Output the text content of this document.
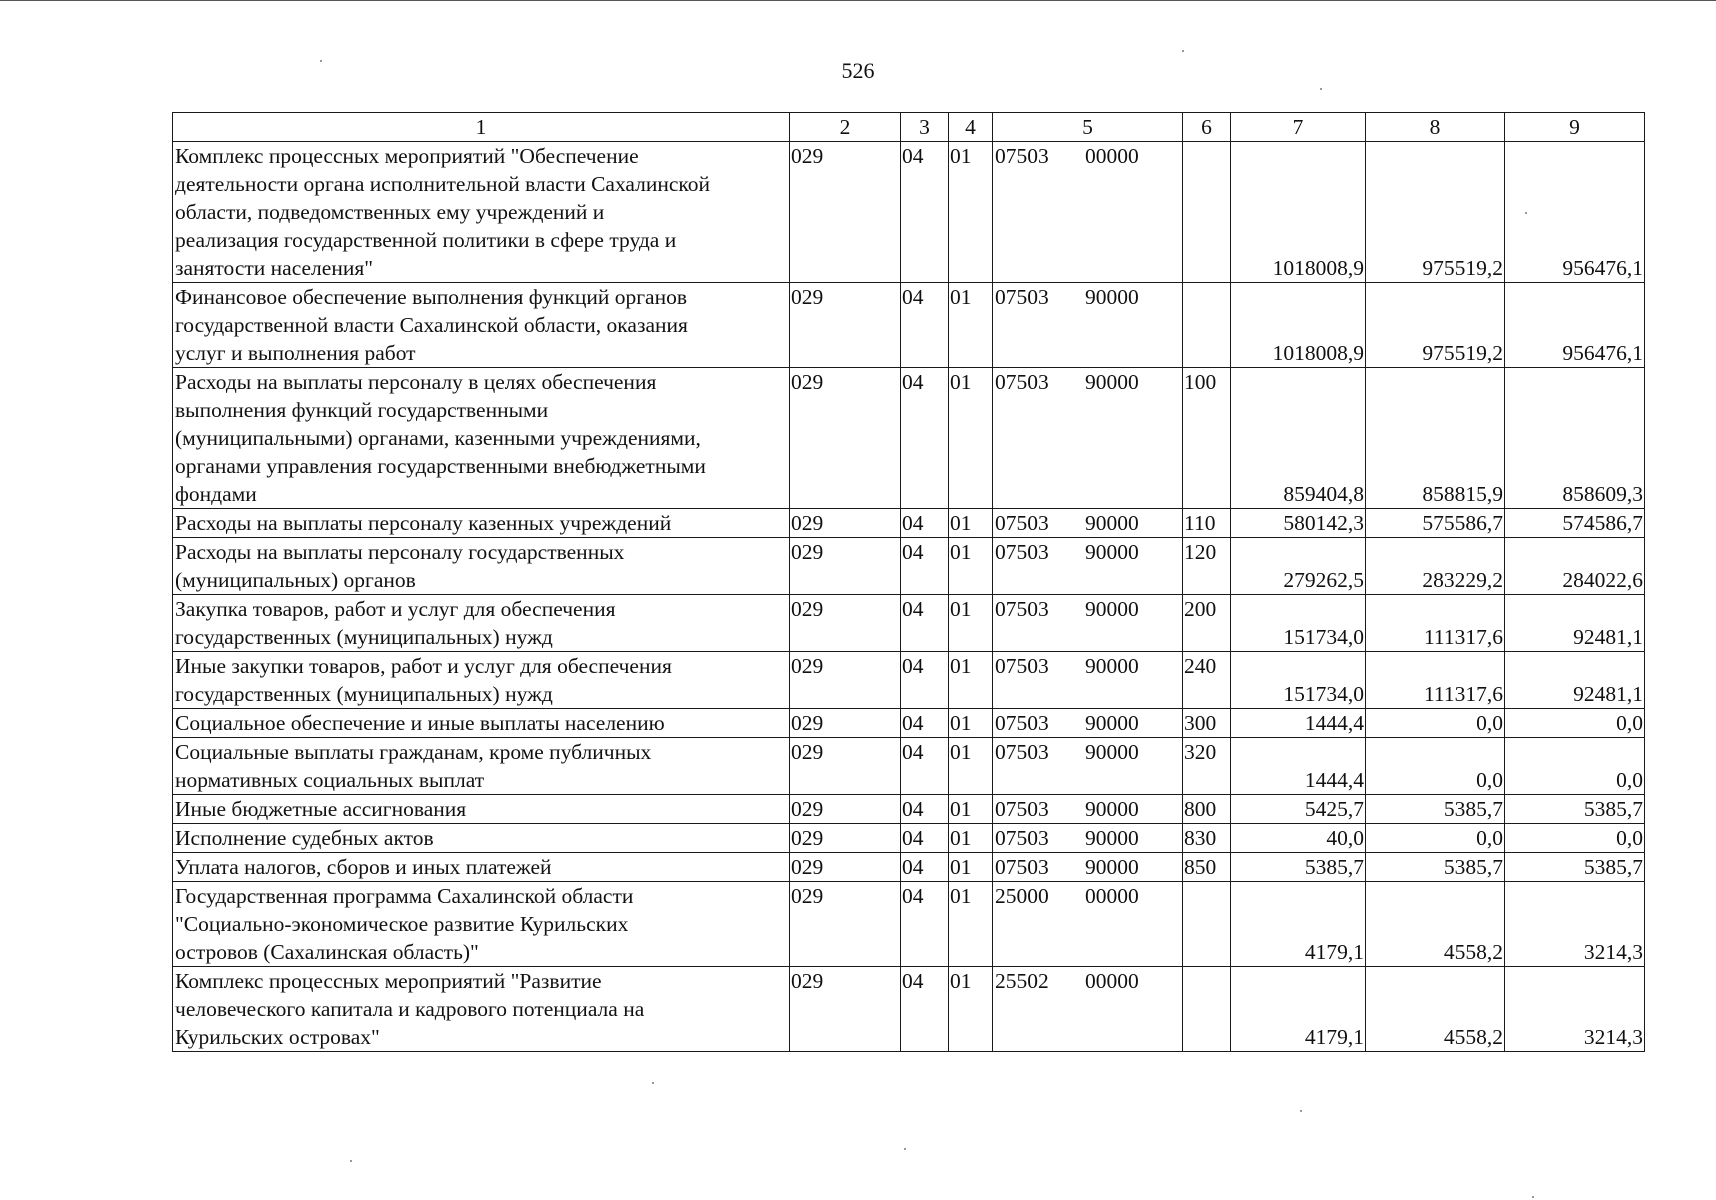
526
1	2	3	4	5	6	7	8	9

Комплекс процессных мероприятий "Обеспечение
деятельности органа исполнительной власти Сахалинской
области, подведомственных ему учреждений и
реализация государственной политики в сфере труда и
занятости населения"	029	04	01	07503 00000		1018008,9	975519,2	956476,1

Финансовое обеспечение выполнения функций органов
государственной власти Сахалинской области, оказания
услуг и выполнения работ	029	04	01	07503 90000		1018008,9	975519,2	956476,1

Расходы на выплаты персоналу в целях обеспечения
выполнения функций государственными
(муниципальными) органами, казенными учреждениями,
органами управления государственными внебюджетными
фондами	029	04	01	07503 90000	100	859404,8	858815,9	858609,3

Расходы на выплаты персоналу казенных учреждений	029	04	01	07503 90000	110	580142,3	575586,7	574586,7

Расходы на выплаты персоналу государственных
(муниципальных) органов	029	04	01	07503 90000	120	279262,5	283229,2	284022,6

Закупка товаров, работ и услуг для обеспечения
государственных (муниципальных) нужд	029	04	01	07503 90000	200	151734,0	111317,6	92481,1

Иные закупки товаров, работ и услуг для обеспечения
государственных (муниципальных) нужд	029	04	01	07503 90000	240	151734,0	111317,6	92481,1

Социальное обеспечение и иные выплаты населению	029	04	01	07503 90000	300	1444,4	0,0	0,0

Социальные выплаты гражданам, кроме публичных
нормативных социальных выплат	029	04	01	07503 90000	320	1444,4	0,0	0,0

Иные бюджетные ассигнования	029	04	01	07503 90000	800	5425,7	5385,7	5385,7

Исполнение судебных актов	029	04	01	07503 90000	830	40,0	0,0	0,0

Уплата налогов, сборов и иных платежей	029	04	01	07503 90000	850	5385,7	5385,7	5385,7

Государственная программа Сахалинской области
"Социально-экономическое развитие Курильских
островов (Сахалинская область)"	029	04	01	25000 00000		4179,1	4558,2	3214,3

Комплекс процессных мероприятий "Развитие
человеческого капитала и кадрового потенциала на
Курильских островах"	029	04	01	25502 00000		4179,1	4558,2	3214,3
